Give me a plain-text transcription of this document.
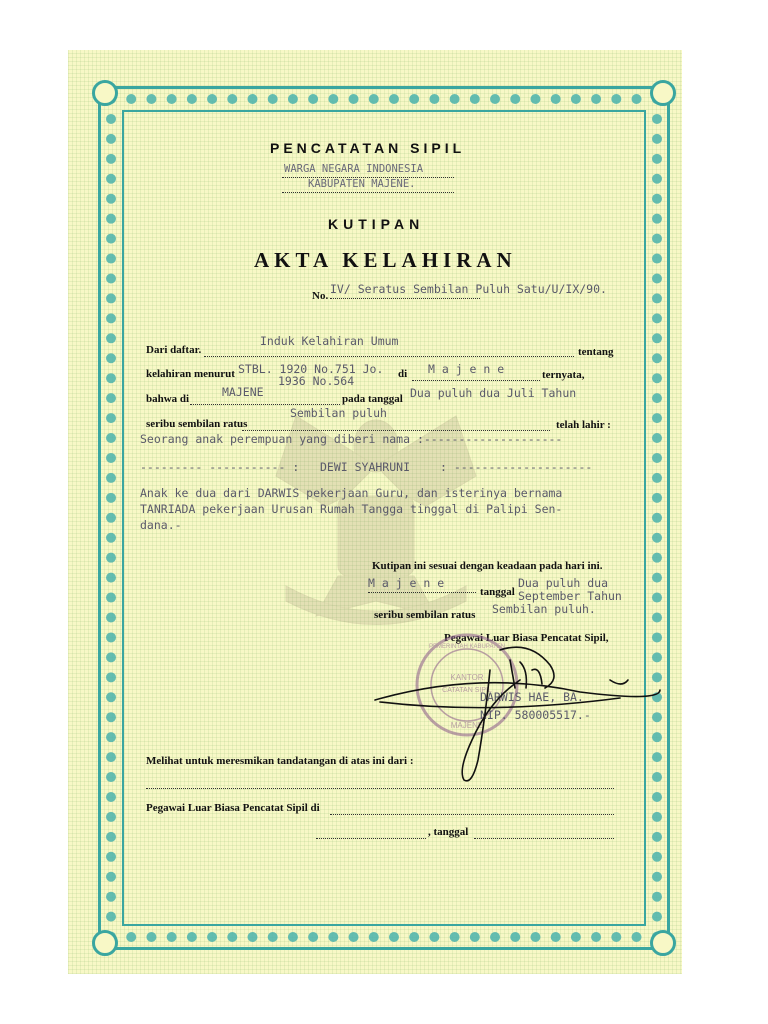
PENCATATAN SIPIL
WARGA NEGARA INDONESIA
KABUPATEN MAJENE.
KUTIPAN
AKTA KELAHIRAN
No. IV/ Seratus Sembilan Puluh Satu/U/IX/90.
Induk Kelahiran Umum
Dari daftar.	tentang
kelahiran menurut STBL. 1920 No.751 Jo.
1936 No.564	di M a j e n e	ternyata,
bahwa di	MAJENE	pada tanggal Dua puluh dua Juli Tahun
Sembilan puluh
seribu sembilan ratus	telah lahir :
Seorang anak perempuan yang diberi nama :--------------------
--------- ----------- : DEWI SYAHRUNI	: --------------------
Anak ke dua dari DARWIS pekerjaan Guru, dan isterinya bernama
TANRIADA pekerjaan Urusan Rumah Tangga tinggal di Palipi Sen-
dana.-
Kutipan ini sesuai dengan keadaan pada hari ini.
M a j e n e
tanggal
Dua puluh dua
September Tahun
seribu sembilan ratus Sembilan puluh.
Pegawai Luar Biasa Pencatat Sipil,
KANTOR
CATATAN SIPIL
MAJENE
PEMERINTAH KABUPATEN
DARWIS HAE, BA.
NIP. 580005517.-
Melihat untuk meresmikan tandatangan di atas ini dari :
Pegawai Luar Biasa Pencatat Sipil di
, tanggal
